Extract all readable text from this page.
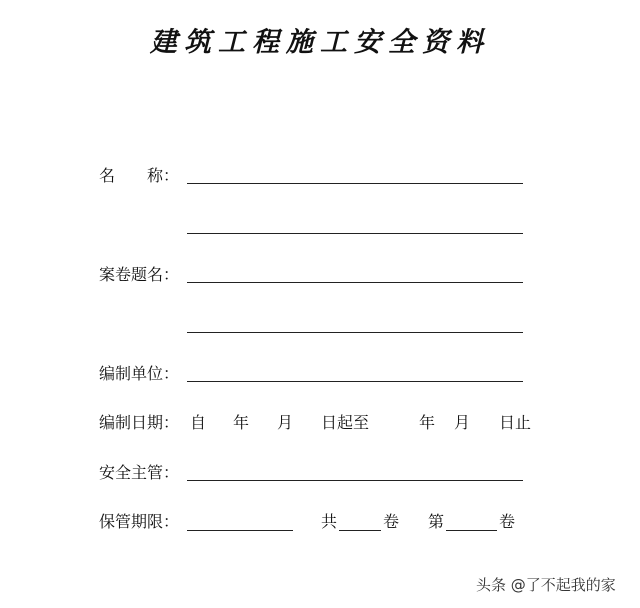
建筑工程施工安全资料
名　　称：
案卷题名：
编制单位：
编制日期： 自 年 月 日起至	年 月 日止
安全主管：
保管期限：	共	卷 第	卷
头条 @了不起我的家
